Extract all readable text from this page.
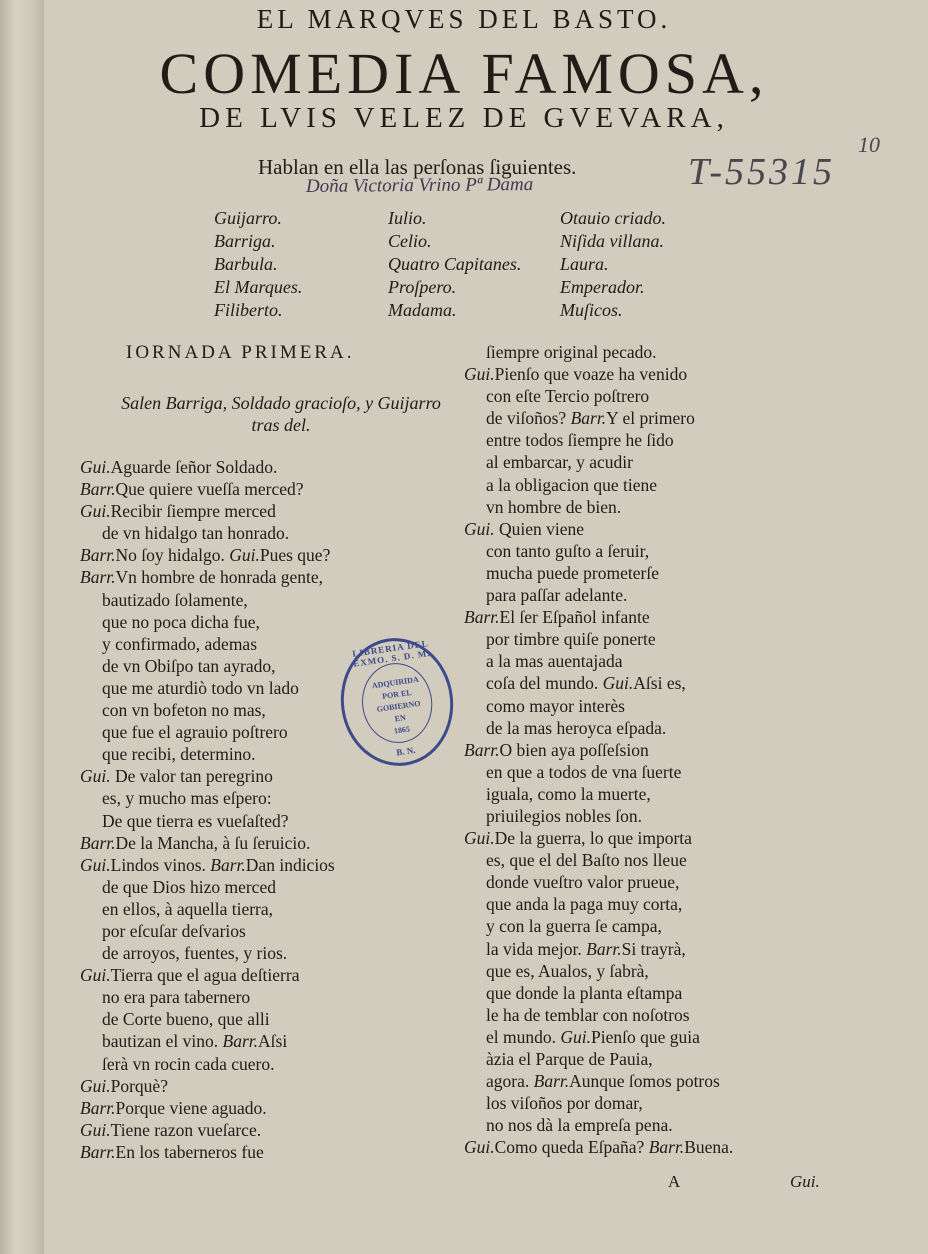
EL MARQVES DEL BASTO.
COMEDIA FAMOSA,
DE LVIS VELEZ DE GVEVARA,
Hablan en ella las perſonas ſiguientes.
Doña Victoria Vrino Pª Dama	T-55315
10
Guijarro.
Barriga.
Barbula.
El Marques.
Filiberto.
Iulio.
Celio.
Quatro Capitanes.
Proſpero.
Madama.
Otauio criado.
Niſida villana.
Laura.
Emperador.
Muſicos.
IORNADA PRIMERA.
Salen Barriga, Soldado gracioſo, y Guijarro tras del.
Gui.Aguarde ſeñor Soldado.
Barr.Que quiere vueſſa merced?
Gui.Recibir ſiempre merced
de vn hidalgo tan honrado.
Barr.No ſoy hidalgo. Gui.Pues que?
Barr.Vn hombre de honrada gente,
bautizado ſolamente,
que no poca dicha fue,
y confirmado, ademas
de vn Obiſpo tan ayrado,
que me aturdiò todo vn lado
con vn bofeton no mas,
que fue el agrauio poſtrero
que recibi, determino.
Gui. De valor tan peregrino
es, y mucho mas eſpero:
De que tierra es vueſaſted?
Barr.De la Mancha, à ſu ſeruicio.
Gui.Lindos vinos. Barr.Dan indicios
de que Dios hizo merced
en ellos, à aquella tierra,
por eſcuſar deſvarios
de arroyos, fuentes, y rios.
Gui.Tierra que el agua deſtierra
no era para tabernero
de Corte bueno, que alli
bautizan el vino. Barr.Aſsi
ſerà vn rocin cada cuero.
Gui.Porquè?
Barr.Porque viene aguado.
Gui.Tiene razon vueſarce.
Barr.En los taberneros fue
ſiempre original pecado.
Gui.Pienſo que voaze ha venido
con eſte Tercio poſtrero
de viſoños? Barr.Y el primero
entre todos ſiempre he ſido
al embarcar, y acudir
a la obligacion que tiene
vn hombre de bien.
Gui. Quien viene
con tanto guſto a ſeruir,
mucha puede prometerſe
para paſſar adelante.
Barr.El ſer Eſpañol infante
por timbre quiſe ponerte
a la mas auentajada
coſa del mundo. Gui.Aſsi es,
como mayor interès
de la mas heroyca eſpada.
Barr.O bien aya poſſeſsion
en que a todos de vna ſuerte
iguala, como la muerte,
priuilegios nobles ſon.
Gui.De la guerra, lo que importa
es, que el del Baſto nos lleue
donde vueſtro valor prueue,
que anda la paga muy corta,
y con la guerra ſe campa,
la vida mejor. Barr.Si trayrà,
que es, Aualos, y ſabrà,
que donde la planta eſtampa
le ha de temblar con noſotros
el mundo. Gui.Pienſo que guia
àzia el Parque de Pauia,
agora. Barr.Aunque ſomos potros
los viſoños por domar,
no nos dà la empreſa pena.
Gui.Como queda Eſpaña? Barr.Buena.
LIBRERIA DEL EXMO. S. D. M.
ADQUIRIDA
POR EL
GOBIERNO
EN
1865
B. N.
A	Gui.
